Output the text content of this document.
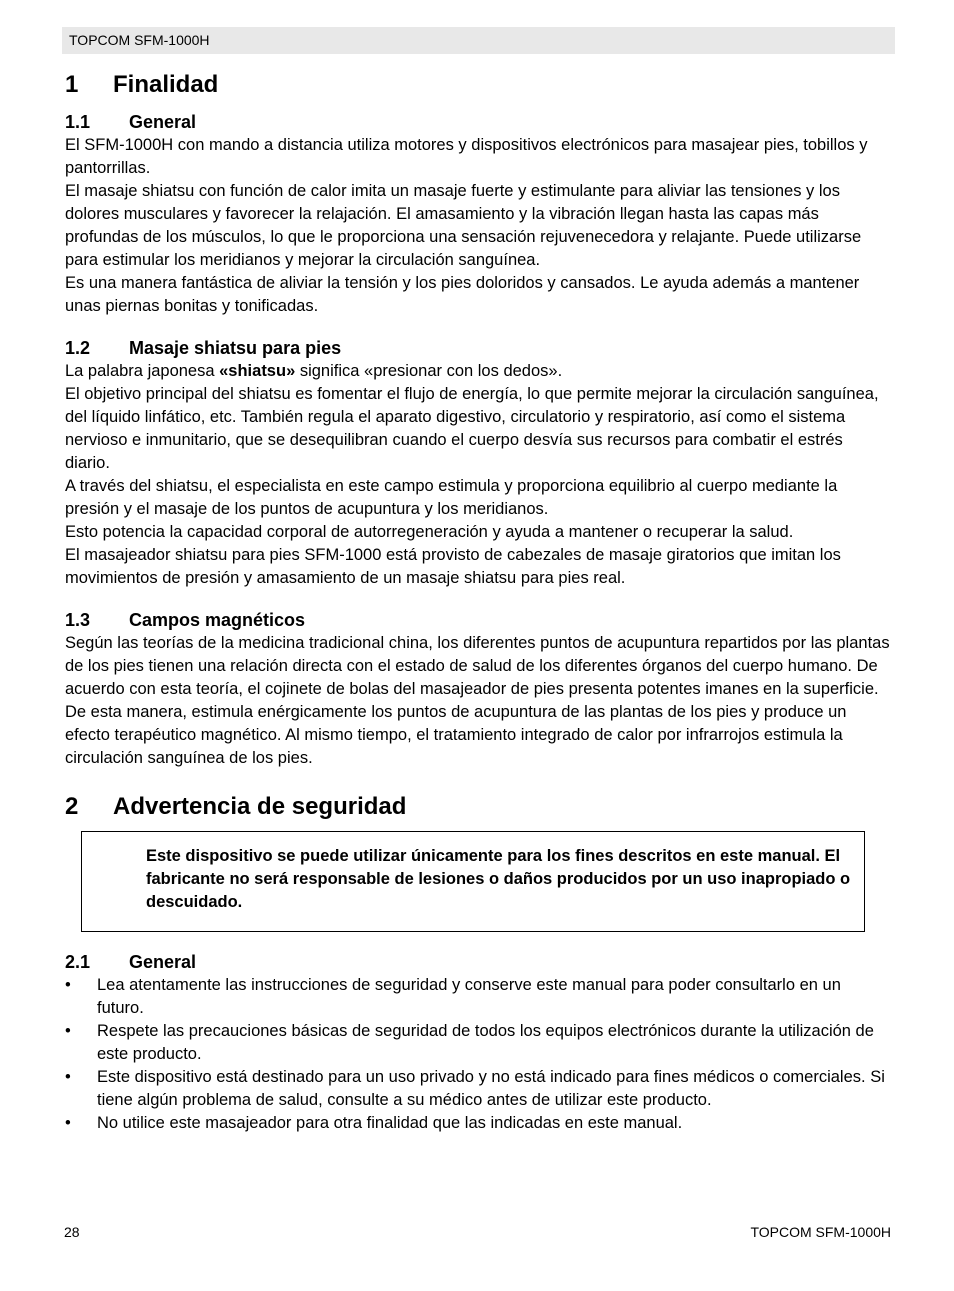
TOPCOM SFM-1000H
1	Finalidad
1.1	General

El SFM-1000H con mando a distancia utiliza motores y dispositivos electrónicos para masajear pies, tobillos y pantorrillas.

El masaje shiatsu con función de calor imita un masaje fuerte y estimulante para aliviar las tensiones y los dolores musculares y favorecer la relajación. El amasamiento y la vibración llegan hasta las capas más profundas de los músculos, lo que le proporciona una sensación rejuvenecedora y relajante. Puede utilizarse para estimular los meridianos y mejorar la circulación sanguínea.

Es una manera fantástica de aliviar la tensión y los pies doloridos y cansados. Le ayuda además a mantener unas piernas bonitas y tonificadas.

1.2	Masaje shiatsu para pies

La palabra japonesa «shiatsu» significa «presionar con los dedos».

El objetivo principal del shiatsu es fomentar el flujo de energía, lo que permite mejorar la circulación sanguínea, del líquido linfático, etc. También regula el aparato digestivo, circulatorio y respiratorio, así como el sistema nervioso e inmunitario, que se desequilibran cuando el cuerpo desvía sus recursos para combatir el estrés diario.

A través del shiatsu, el especialista en este campo estimula y proporciona equilibrio al cuerpo mediante la presión y el masaje de los puntos de acupuntura y los meridianos.

Esto potencia la capacidad corporal de autorregeneración y ayuda a mantener o recuperar la salud.

El masajeador shiatsu para pies SFM-1000 está provisto de cabezales de masaje giratorios que imitan los movimientos de presión y amasamiento de un masaje shiatsu para pies real.

1.3	Campos magnéticos

Según las teorías de la medicina tradicional china, los diferentes puntos de acupuntura repartidos por las plantas de los pies tienen una relación directa con el estado de salud de los diferentes órganos del cuerpo humano. De acuerdo con esta teoría, el cojinete de bolas del masajeador de pies presenta potentes imanes en la superficie. De esta manera, estimula enérgicamente los puntos de acupuntura de las plantas de los pies y produce un efecto terapéutico magnético. Al mismo tiempo, el tratamiento integrado de calor por infrarrojos estimula la circulación sanguínea de los pies.

2	Advertencia de seguridad
Este dispositivo se puede utilizar únicamente para los fines descritos en este manual. El fabricante no será responsable de lesiones o daños producidos por un uso inapropiado o descuidado.
2.1	General
• Lea atentamente las instrucciones de seguridad y conserve este manual para poder consultarlo en un futuro.
• Respete las precauciones básicas de seguridad de todos los equipos electrónicos durante la utilización de este producto.
• Este dispositivo está destinado para un uso privado y no está indicado para fines médicos o comerciales. Si tiene algún problema de salud, consulte a su médico antes de utilizar este producto.
• No utilice este masajeador para otra finalidad que las indicadas en este manual.
28	TOPCOM SFM-1000H
